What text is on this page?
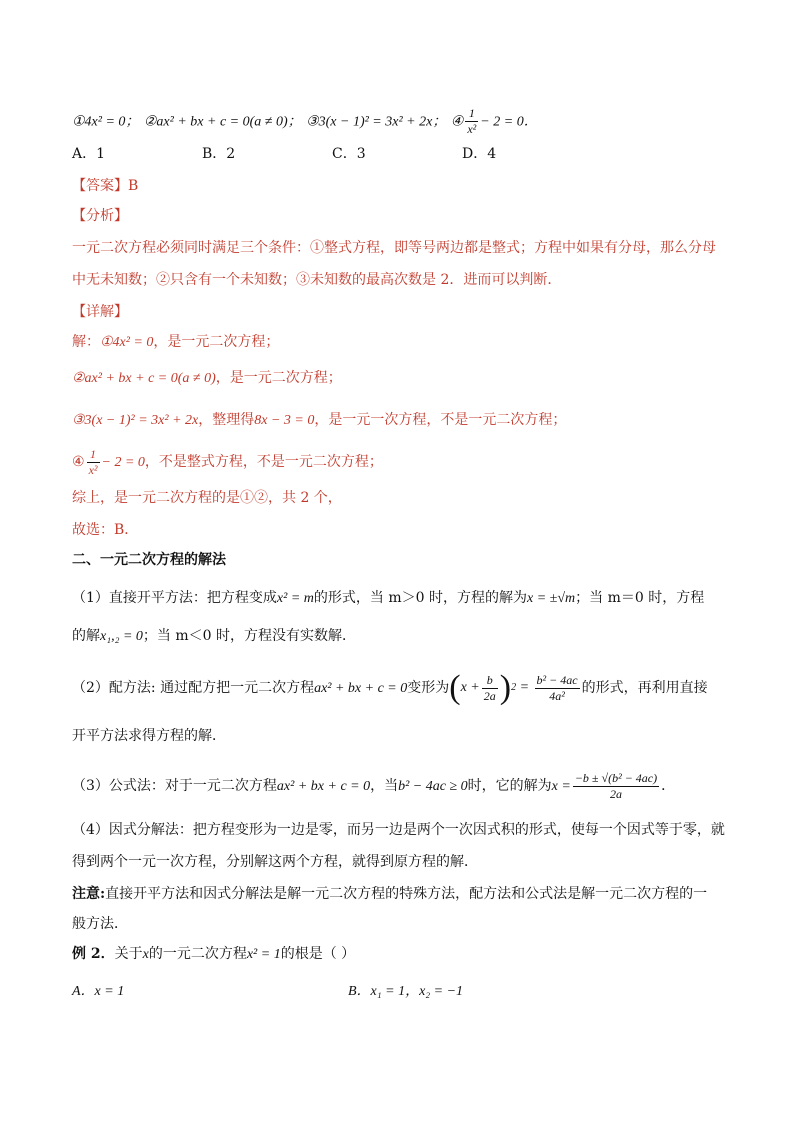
①4x² = 0； ②ax² + bx + c = 0(a ≠ 0)； ③3(x − 1)² = 3x² + 2x； ④ $\frac{1}{\text{x²}} - 2 = 0$．
A．1	B．2	C．3	D．4
【答案】B
【分析】
一元二次方程必须同时满足三个条件：①整式方程，即等号两边都是整式；方程中如果有分母，那么分母
中无未知数；②只含有一个未知数；③未知数的最高次数是 2．进而可以判断．
【详解】
解：①4x² = 0，是一元二次方程；
②ax² + bx + c = 0(a ≠ 0)，是一元二次方程；
③3(x − 1)² = 3x² + 2x，整理得8x − 3 = 0，是一元一次方程，不是一元二次方程；
④ $\frac{1}{\text{x²}} - 2 = 0$，不是整式方程，不是一元二次方程；
综上，是一元二次方程的是①②，共 2 个，
故选：B．
二、一元二次方程的解法
（1）直接开平方法：把方程变成x² = m的形式，当 m＞0 时，方程的解为x = ±√m；当 m＝0 时，方程
的解x₁,₂ = 0；当 m＜0 时，方程没有实数解．
（2）配方法: 通过配方把一元二次方程ax² + bx + c = 0变形为$(x + \frac{b}{2a} )^2 = \frac{\text{b² − 4ac}}{\text{4a²}}$ 的形式，再利用直接
开平方法求得方程的解．
（3）公式法：对于一元二次方程ax² + bx + c = 0，当b² − 4ac ≥ 0时，它的解为$x = \frac{\text{−b ± √(b² − 4ac)}}{2a}$ ．
（4）因式分解法：把方程变形为一边是零，而另一边是两个一次因式积的形式，使每一个因式等于零，就
得到两个一元一次方程，分别解这两个方程，就得到原方程的解．
注意:直接开平方法和因式分解法是解一元二次方程的特殊方法，配方法和公式法是解一元二次方程的一
般方法．
例 2．关于x的一元二次方程x² = 1的根是（ ）
A．x = 1	B．x₁ = 1，x₂ = −1
